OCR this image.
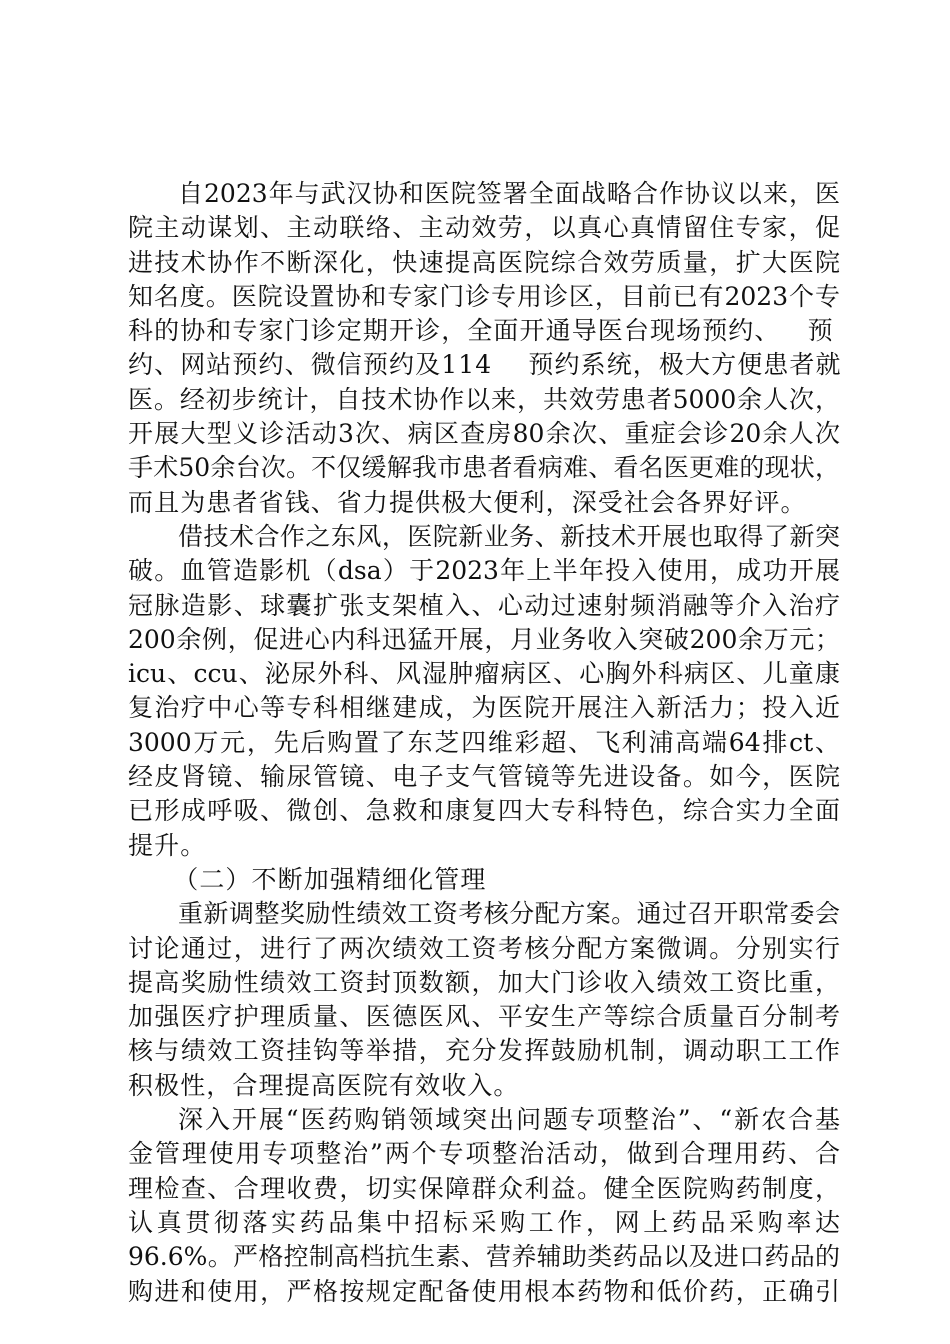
自2023年与武汉协和医院签署全面战略合作协议以来，医
院主动谋划、主动联络、主动效劳，以真心真情留住专家，促
进技术协作不断深化，快速提高医院综合效劳质量，扩大医院
知名度。医院设置协和专家门诊专用诊区，目前已有2023个专
科的协和专家门诊定期开诊，全面开通导医台现场预约、   预
约、网站预约、微信预约及114    预约系统，极大方便患者就
医。经初步统计，自技术协作以来，共效劳患者5000余人次，
开展大型义诊活动3次、病区查房80余次、重症会诊20余人次
手术50余台次。不仅缓解我市患者看病难、看名医更难的现状，
而且为患者省钱、省力提供极大便利，深受社会各界好评。
借技术合作之东风，医院新业务、新技术开展也取得了新突
破。血管造影机（dsa）于2023年上半年投入使用，成功开展
冠脉造影、球囊扩张支架植入、心动过速射频消融等介入治疗
200余例，促进心内科迅猛开展，月业务收入突破200余万元；
icu、ccu、泌尿外科、风湿肿瘤病区、心胸外科病区、儿童康
复治疗中心等专科相继建成，为医院开展注入新活力；投入近
3000万元，先后购置了东芝四维彩超、飞利浦高端64排ct、
经皮肾镜、输尿管镜、电子支气管镜等先进设备。如今，医院
已形成呼吸、微创、急救和康复四大专科特色，综合实力全面
提升。
（二）不断加强精细化管理
重新调整奖励性绩效工资考核分配方案。通过召开职常委会
讨论通过，进行了两次绩效工资考核分配方案微调。分别实行
提高奖励性绩效工资封顶数额，加大门诊收入绩效工资比重，
加强医疗护理质量、医德医风、平安生产等综合质量百分制考
核与绩效工资挂钩等举措，充分发挥鼓励机制，调动职工工作
积极性，合理提高医院有效收入。
深入开展“医药购销领域突出问题专项整治”、“新农合基
金管理使用专项整治”两个专项整治活动，做到合理用药、合
理检查、合理收费，切实保障群众利益。健全医院购药制度，
认真贯彻落实药品集中招标采购工作，网上药品采购率达
96.6%。严格控制高档抗生素、营养辅助类药品以及进口药品的
购进和使用，严格按规定配备使用根本药物和低价药，正确引
